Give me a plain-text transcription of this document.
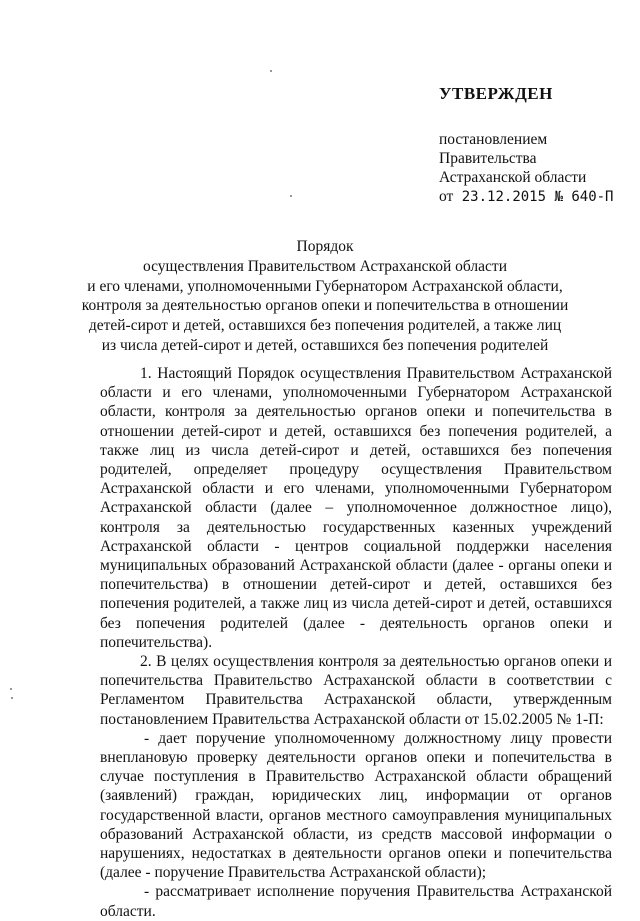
УТВЕРЖДЕН
постановлением
Правительства
Астраханской области
от 23.12.2015 № 640-П
Порядок
осуществления Правительством Астраханской области
и его членами, уполномоченными Губернатором Астраханской области,
контроля за деятельностью органов опеки и попечительства в отношении
детей-сирот и детей, оставшихся без попечения родителей, а также лиц
из числа детей-сирот и детей, оставшихся без попечения родителей

1. Настоящий Порядок осуществления Правительством Астраханской области и его членами, уполномоченными Губернатором Астраханской области, контроля за деятельностью органов опеки и попечительства в отношении детей-сирот и детей, оставшихся без попечения родителей, а также лиц из числа детей-сирот и детей, оставшихся без попечения родителей, определяет процедуру осуществления Правительством Астраханской области и его членами, уполномоченными Губернатором Астраханской области (далее – уполномоченное должностное лицо), контроля за деятельностью государственных казенных учреждений Астраханской области - центров социальной поддержки населения муниципальных образований Астраханской области (далее - органы опеки и попечительства) в отношении детей-сирот и детей, оставшихся без попечения родителей, а также лиц из числа детей-сирот и детей, оставшихся без попечения родителей (далее - деятельность органов опеки и попечительства).

2. В целях осуществления контроля за деятельностью органов опеки и попечительства Правительство Астраханской области в соответствии с Регламентом Правительства Астраханской области, утвержденным постановлением Правительства Астраханской области от 15.02.2005 № 1-П:

- дает поручение уполномоченному должностному лицу провести внеплановую проверку деятельности органов опеки и попечительства в случае поступления в Правительство Астраханской области обращений (заявлений) граждан, юридических лиц, информации от органов государственной власти, органов местного самоуправления муниципальных образований Астраханской области, из средств массовой информации о нарушениях, недостатках в деятельности органов опеки и попечительства (далее - поручение Правительства Астраханской области);

- рассматривает исполнение поручения Правительства Астраханской области.
